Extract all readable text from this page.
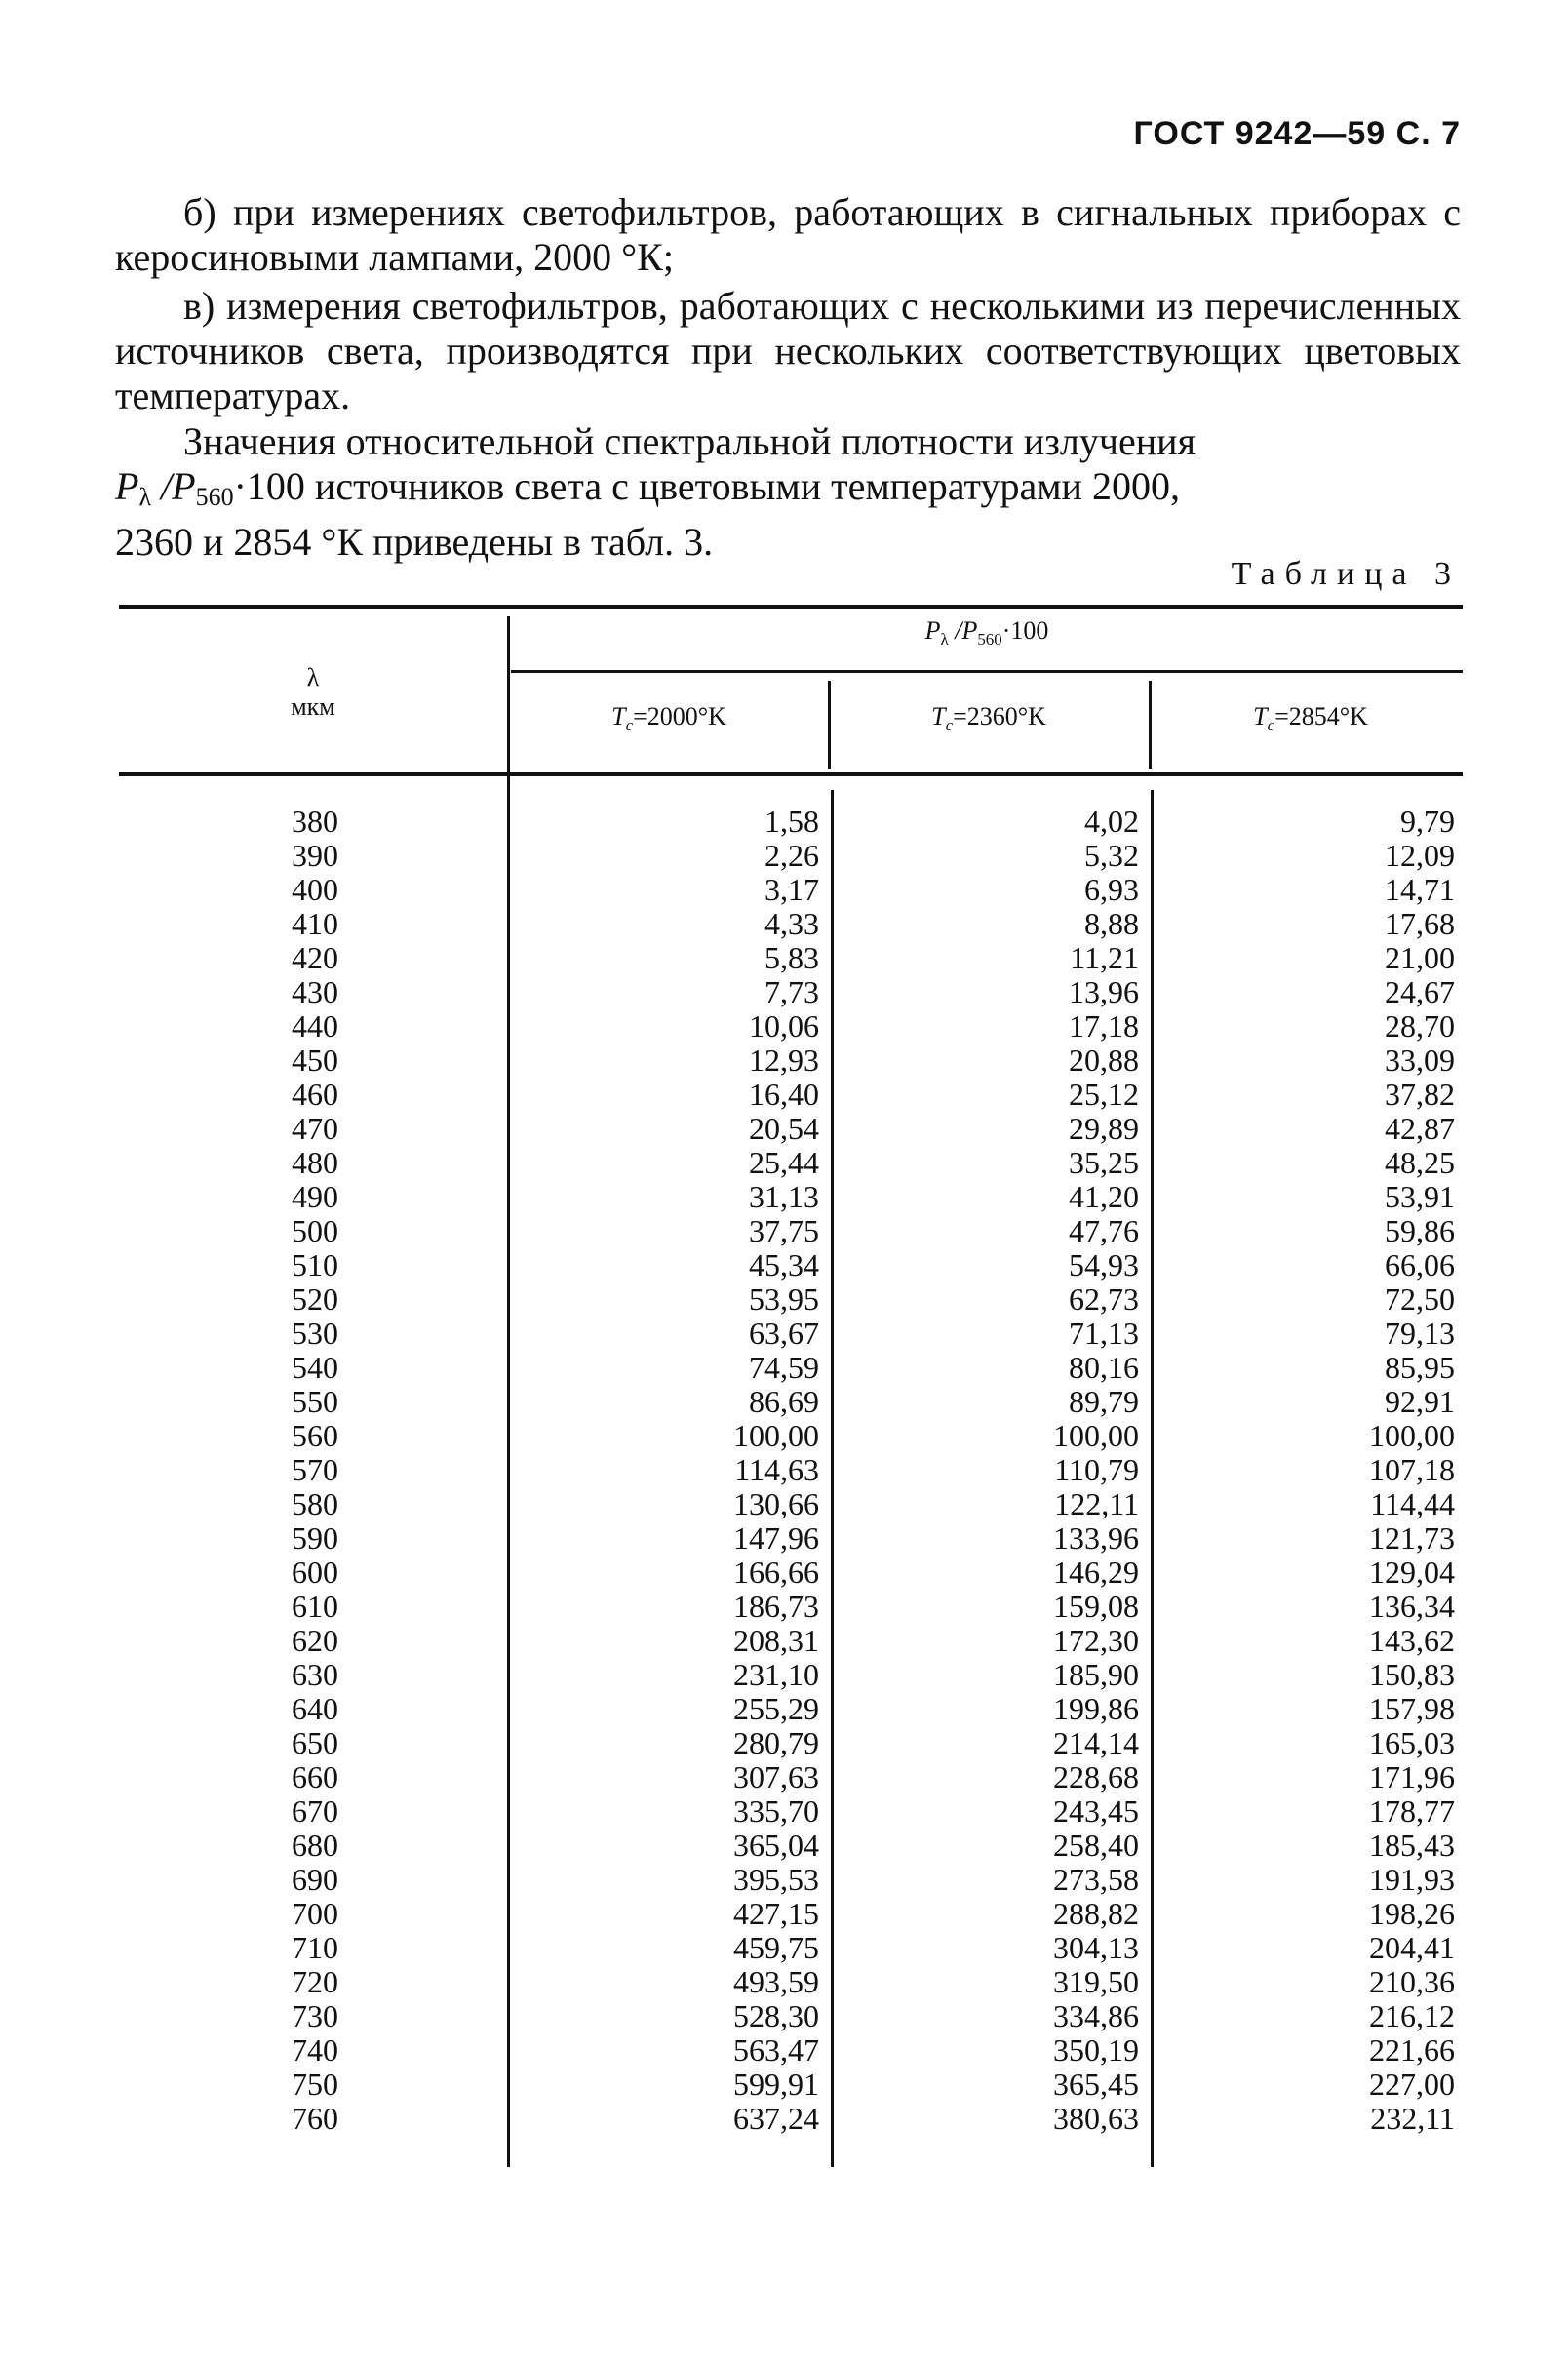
ГОСТ 9242—59 С. 7

б) при измерениях светофильтров, работающих в сигнальных приборах с керосиновыми лампами, 2000 °К;

в) измерения светофильтров, работающих с несколькими из перечисленных источников света, производятся при нескольких соответствующих цветовых температурах.

Значения относительной спектральной плотности излучения

$P_\lambda$ $/P_{560}\cdot 100$ источников света с цветовыми температурами 2000,
2360 и 2854 °К приведены в табл. 3.
Таблица 3
λ
мкм
$P_\lambda$ $/P_{560}\cdot 100$
$T_c=2000^\circ K$	$T_c=2360^\circ K$	$T_c=2854^\circ K$
380	1,58	4,02	9,79
390	2,26	5,32	12,09
400	3,17	6,93	14,71
410	4,33	8,88	17,68
420	5,83	11,21	21,00
430	7,73	13,96	24,67
440	10,06	17,18	28,70
450	12,93	20,88	33,09
460	16,40	25,12	37,82
470	20,54	29,89	42,87
480	25,44	35,25	48,25
490	31,13	41,20	53,91
500	37,75	47,76	59,86
510	45,34	54,93	66,06
520	53,95	62,73	72,50
530	63,67	71,13	79,13
540	74,59	80,16	85,95
550	86,69	89,79	92,91
560	100,00	100,00	100,00
570	114,63	110,79	107,18
580	130,66	122,11	114,44
590	147,96	133,96	121,73
600	166,66	146,29	129,04
610	186,73	159,08	136,34
620	208,31	172,30	143,62
630	231,10	185,90	150,83
640	255,29	199,86	157,98
650	280,79	214,14	165,03
660	307,63	228,68	171,96
670	335,70	243,45	178,77
680	365,04	258,40	185,43
690	395,53	273,58	191,93
700	427,15	288,82	198,26
710	459,75	304,13	204,41
720	493,59	319,50	210,36
730	528,30	334,86	216,12
740	563,47	350,19	221,66
750	599,91	365,45	227,00
760	637,24	380,63	232,11
